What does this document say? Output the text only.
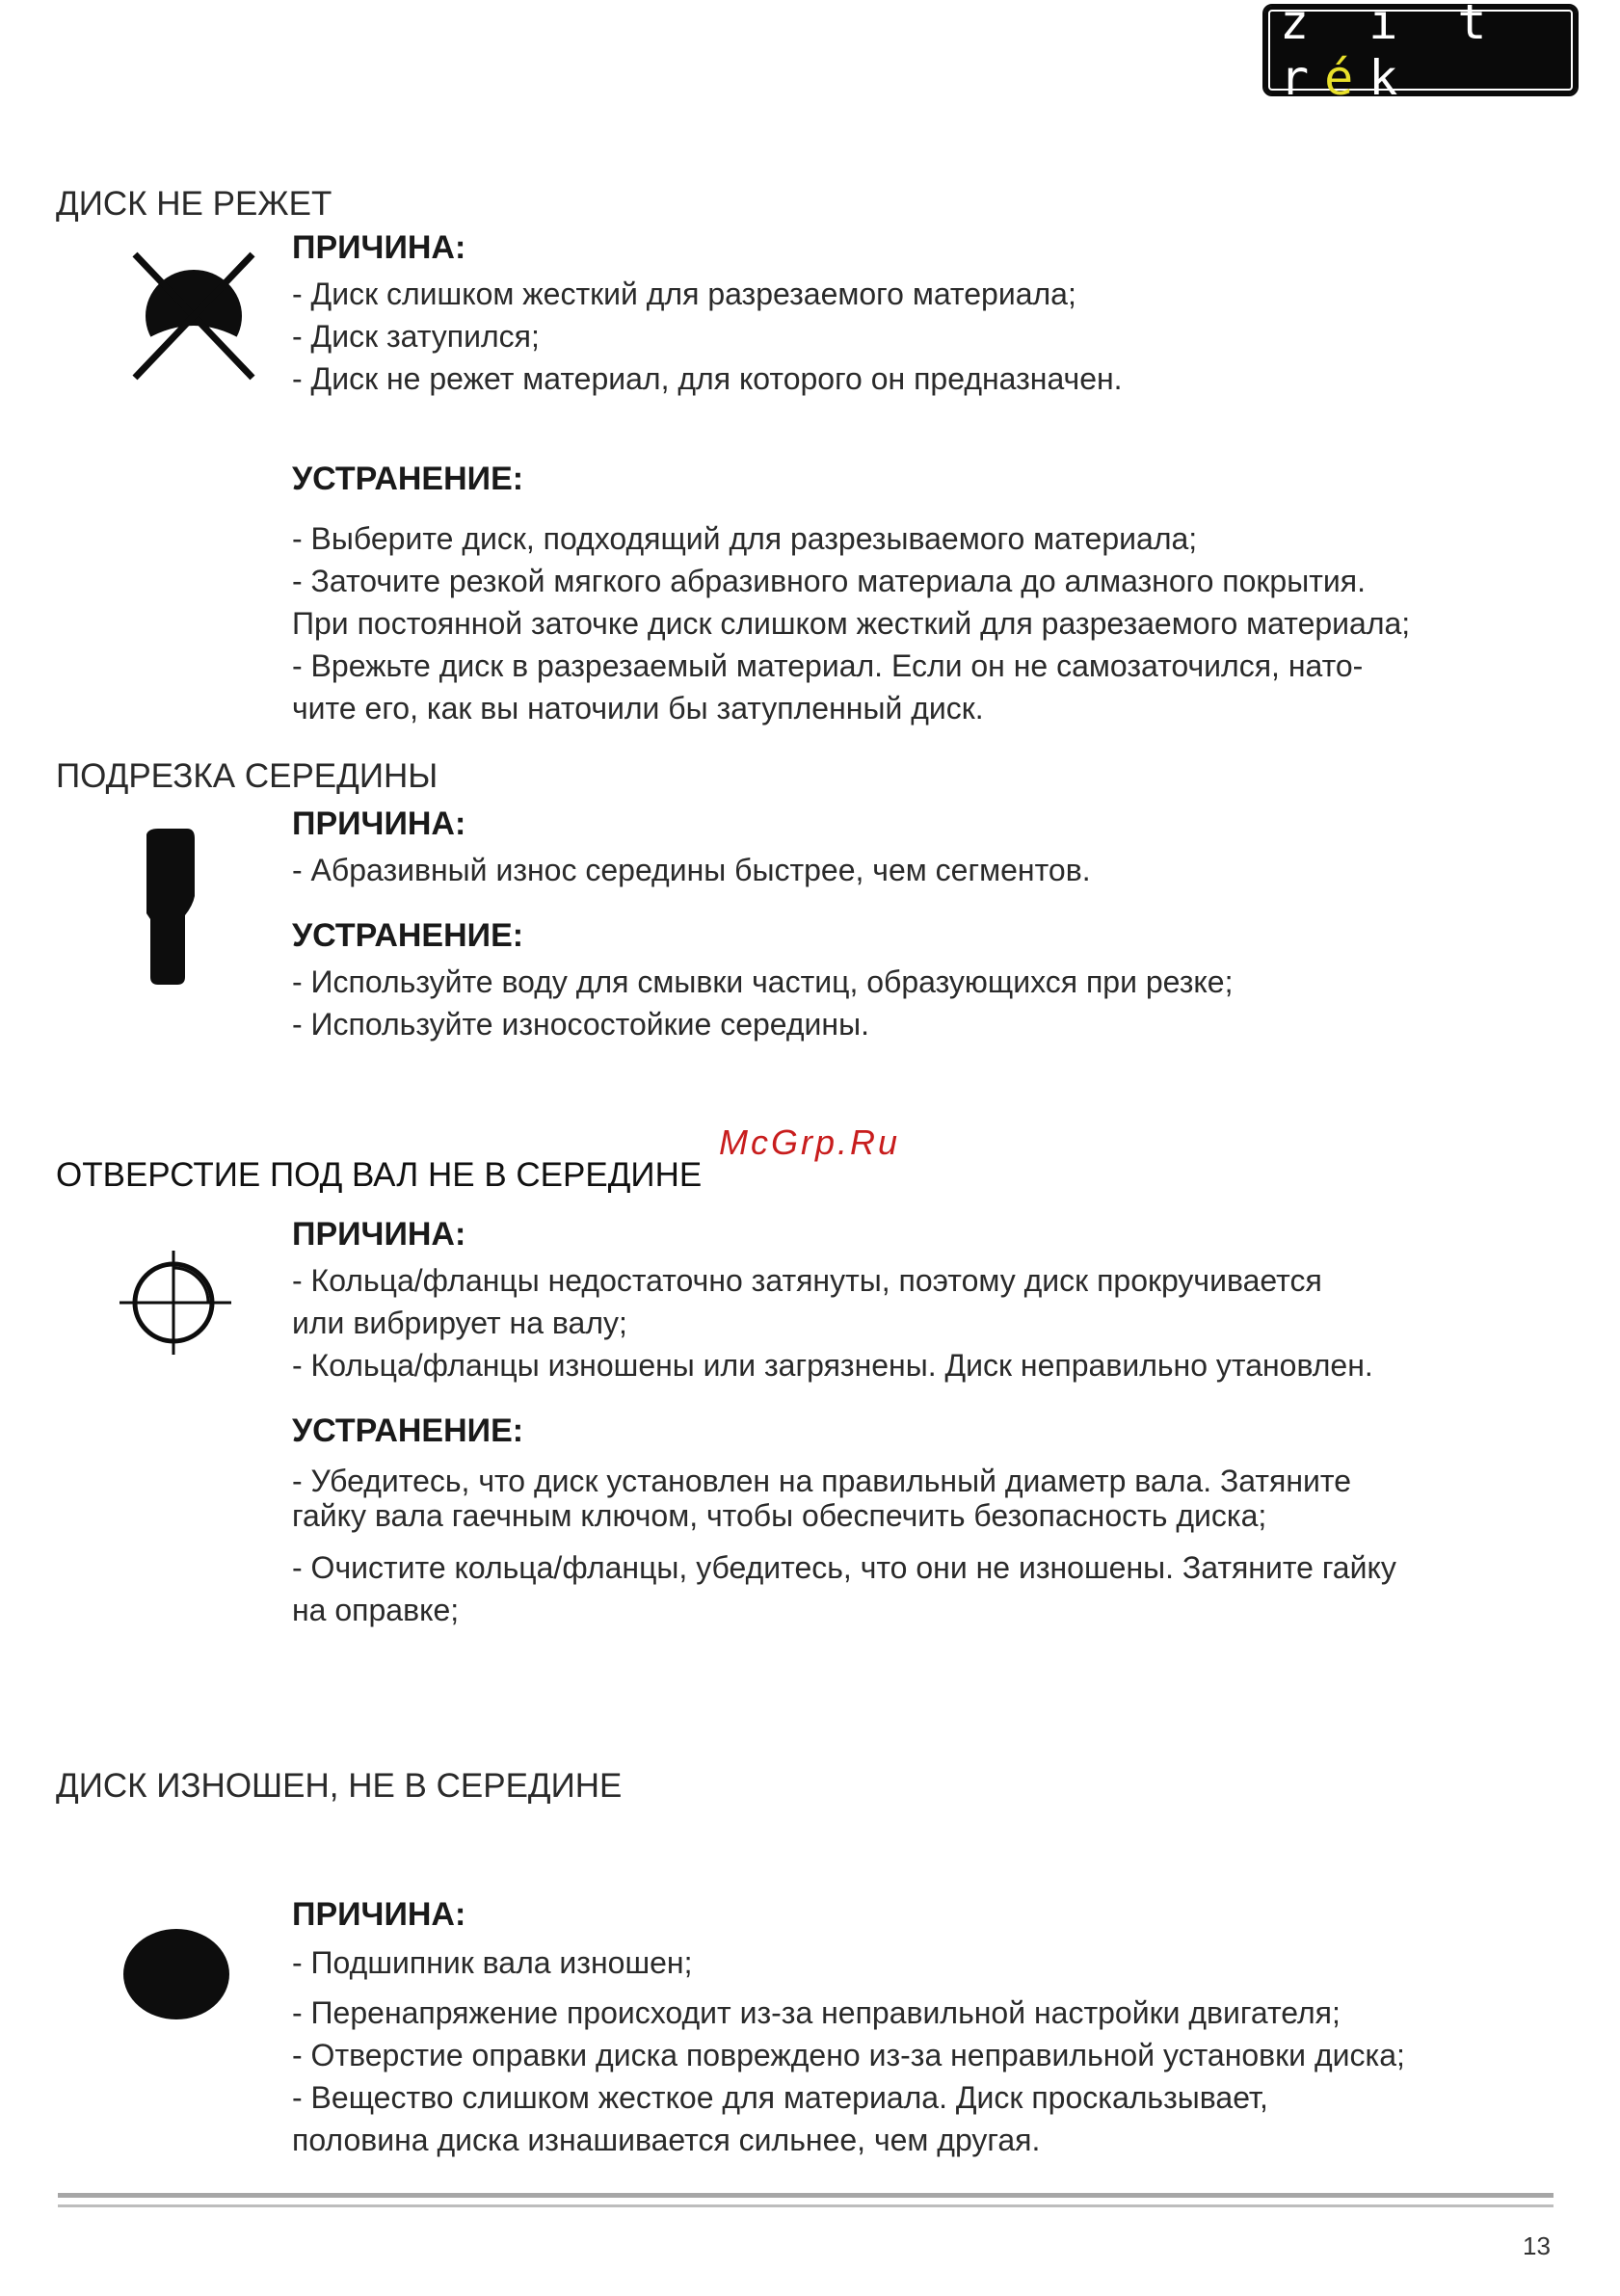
z ı t rék
ДИСК НЕ РЕЖЕТ
ПРИЧИНА:
- Диск слишком жесткий для разрезаемого материала;
- Диск затупился;
- Диск не режет материал, для которого он предназначен.
УСТРАНЕНИЕ:
- Выберите диск, подходящий для разрезываемого материала;
- Заточите резкой мягкого абразивного материала до алмазного покрытия.
При постоянной заточке диск слишком жесткий для разрезаемого материала;
- Врежьте диск в разрезаемый материал. Если он не самозаточился, нато-
чите его, как вы наточили бы затупленный диск.
ПОДРЕЗКА СЕРЕДИНЫ
ПРИЧИНА:
- Абразивный износ середины быстрее, чем сегментов.
УСТРАНЕНИЕ:
- Используйте воду для смывки частиц, образующихся при резке;
- Используйте износостойкие середины.
McGrp.Ru
ОТВЕРСТИЕ ПОД ВАЛ НЕ В СЕРЕДИНЕ
ПРИЧИНА:
- Кольца/фланцы недостаточно затянуты, поэтому диск прокручивается
или вибрирует на валу;
- Кольца/фланцы изношены или загрязнены. Диск неправильно утановлен.
УСТРАНЕНИЕ:
- Убедитесь, что диск установлен на правильный диаметр вала. Затяните
гайку вала гаечным ключом, чтобы обеспечить безопасность диска;
- Очистите кольца/фланцы, убедитесь, что они не изношены. Затяните гайку
на оправке;
ДИСК ИЗНОШЕН, НЕ В СЕРЕДИНЕ
ПРИЧИНА:
- Подшипник вала изношен;
- Перенапряжение происходит из-за неправильной настройки двигателя;
- Отверстие оправки диска повреждено из-за неправильной установки диска;
- Вещество слишком жесткое для материала. Диск проскальзывает,
половина диска изнашивается сильнее, чем другая.
13
